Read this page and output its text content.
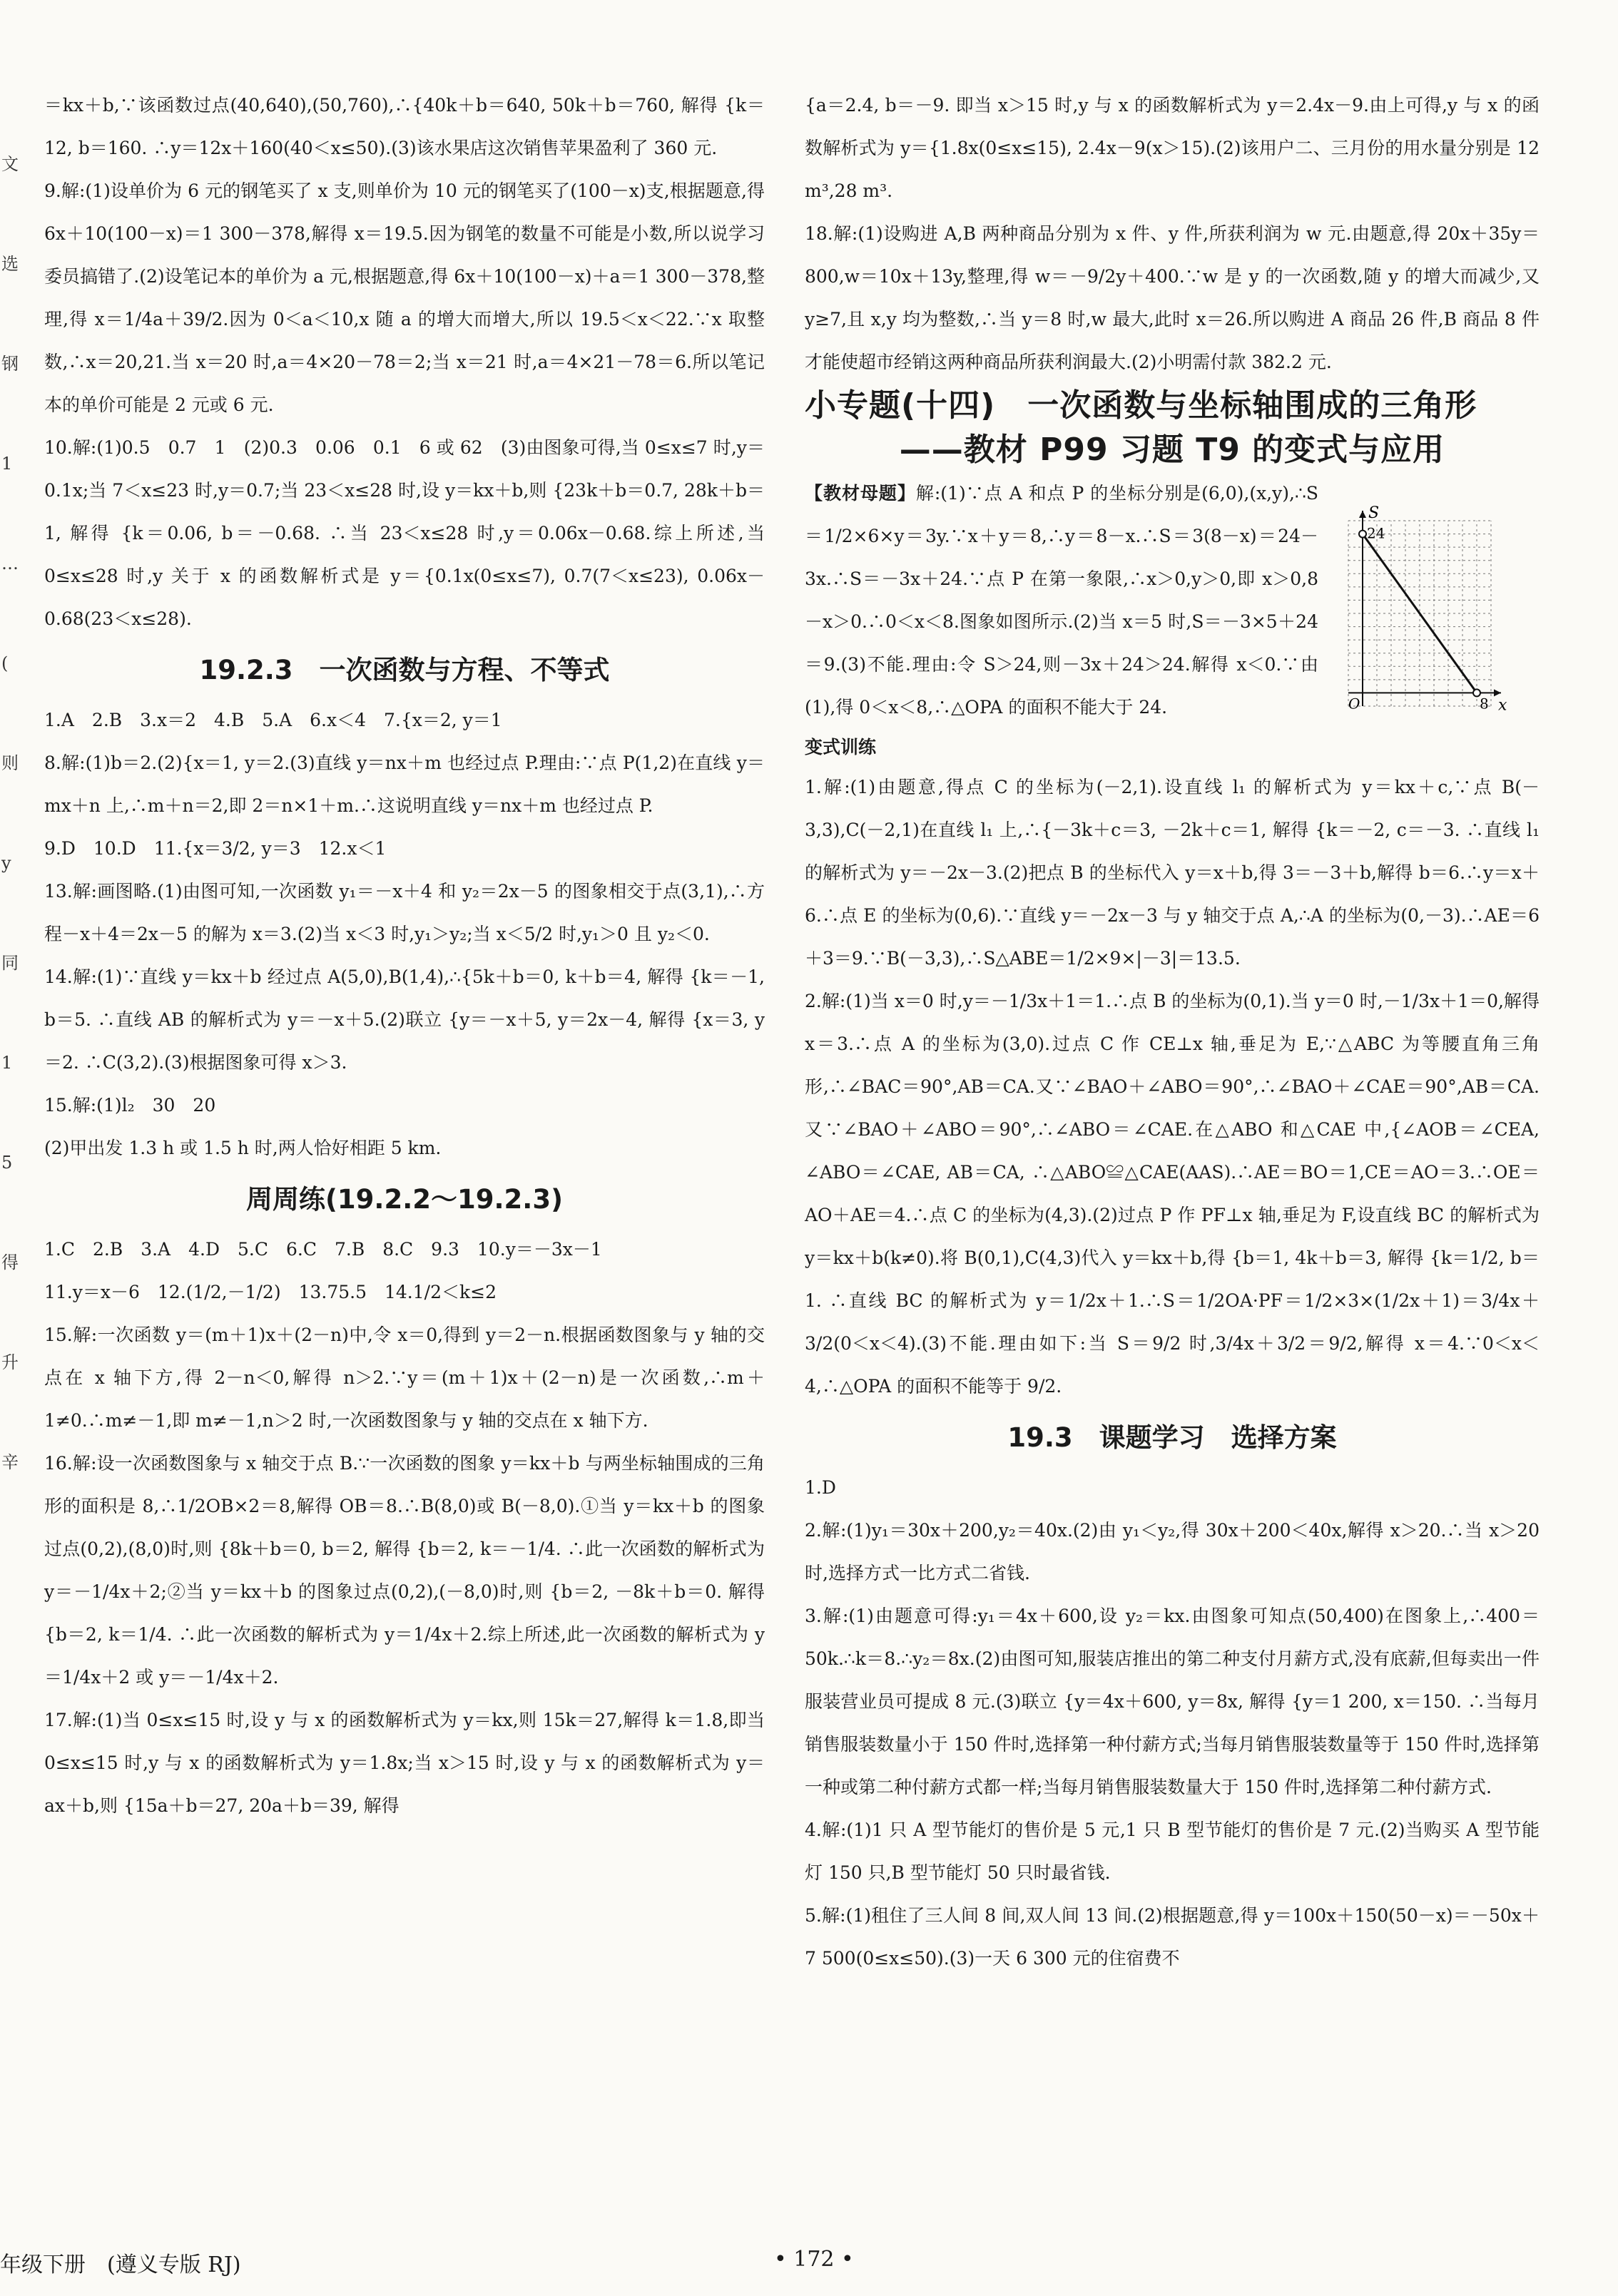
文
选
钢
1
…
(
则
y
同
1
5
得
升
辛

＝kx＋b,∵该函数过点(40,640),(50,760),∴{40k＋b＝640, 50k＋b＝760, 解得 {k＝12, b＝160. ∴y＝12x＋160(40＜x≤50).(3)该水果店这次销售苹果盈利了 360 元.

9.解:(1)设单价为 6 元的钢笔买了 x 支,则单价为 10 元的钢笔买了(100－x)支,根据题意,得 6x＋10(100－x)＝1 300－378,解得 x＝19.5.因为钢笔的数量不可能是小数,所以说学习委员搞错了.(2)设笔记本的单价为 a 元,根据题意,得 6x＋10(100－x)＋a＝1 300－378,整理,得 x＝1/4a＋39/2.因为 0＜a＜10,x 随 a 的增大而增大,所以 19.5＜x＜22.∵x 取整数,∴x＝20,21.当 x＝20 时,a＝4×20－78＝2;当 x＝21 时,a＝4×21－78＝6.所以笔记本的单价可能是 2 元或 6 元.

10.解:(1)0.5　0.7　1　(2)0.3　0.06　0.1　6 或 62　(3)由图象可得,当 0≤x≤7 时,y＝0.1x;当 7＜x≤23 时,y＝0.7;当 23＜x≤28 时,设 y＝kx＋b,则 {23k＋b＝0.7, 28k＋b＝1, 解得 {k＝0.06, b＝－0.68. ∴当 23＜x≤28 时,y＝0.06x－0.68.综上所述,当 0≤x≤28 时,y 关于 x 的函数解析式是 y＝{0.1x(0≤x≤7), 0.7(7＜x≤23), 0.06x－0.68(23＜x≤28).

19.2.3　一次函数与方程、不等式

1.A　2.B　3.x＝2　4.B　5.A　6.x＜4　7.{x＝2, y＝1

8.解:(1)b＝2.(2){x＝1, y＝2.(3)直线 y＝nx＋m 也经过点 P.理由:∵点 P(1,2)在直线 y＝mx＋n 上,∴m＋n＝2,即 2＝n×1＋m.∴这说明直线 y＝nx＋m 也经过点 P.

9.D　10.D　11.{x＝3/2, y＝3　12.x＜1

13.解:画图略.(1)由图可知,一次函数 y₁＝－x＋4 和 y₂＝2x－5 的图象相交于点(3,1),∴方程－x＋4＝2x－5 的解为 x＝3.(2)当 x＜3 时,y₁＞y₂;当 x＜5/2 时,y₁＞0 且 y₂＜0.

14.解:(1)∵直线 y＝kx＋b 经过点 A(5,0),B(1,4),∴{5k＋b＝0, k＋b＝4, 解得 {k＝－1, b＝5. ∴直线 AB 的解析式为 y＝－x＋5.(2)联立 {y＝－x＋5, y＝2x－4, 解得 {x＝3, y＝2. ∴C(3,2).(3)根据图象可得 x＞3.

15.解:(1)l₂　30　20

(2)甲出发 1.3 h 或 1.5 h 时,两人恰好相距 5 km.

周周练(19.2.2～19.2.3)

1.C　2.B　3.A　4.D　5.C　6.C　7.B　8.C　9.3　10.y＝－3x－1

11.y＝x－6　12.(1/2,－1/2)　13.75.5　14.1/2＜k≤2

15.解:一次函数 y＝(m＋1)x＋(2－n)中,令 x＝0,得到 y＝2－n.根据函数图象与 y 轴的交点在 x 轴下方,得 2－n＜0,解得 n＞2.∵y＝(m＋1)x＋(2－n)是一次函数,∴m＋1≠0.∴m≠－1,即 m≠－1,n＞2 时,一次函数图象与 y 轴的交点在 x 轴下方.

16.解:设一次函数图象与 x 轴交于点 B.∵一次函数的图象 y＝kx＋b 与两坐标轴围成的三角形的面积是 8,∴1/2OB×2＝8,解得 OB＝8.∴B(8,0)或 B(－8,0).①当 y＝kx＋b 的图象过点(0,2),(8,0)时,则 {8k＋b＝0, b＝2, 解得 {b＝2, k＝－1/4. ∴此一次函数的解析式为 y＝－1/4x＋2;②当 y＝kx＋b 的图象过点(0,2),(－8,0)时,则 {b＝2, －8k＋b＝0. 解得 {b＝2, k＝1/4. ∴此一次函数的解析式为 y＝1/4x＋2.综上所述,此一次函数的解析式为 y＝1/4x＋2 或 y＝－1/4x＋2.

17.解:(1)当 0≤x≤15 时,设 y 与 x 的函数解析式为 y＝kx,则 15k＝27,解得 k＝1.8,即当 0≤x≤15 时,y 与 x 的函数解析式为 y＝1.8x;当 x＞15 时,设 y 与 x 的函数解析式为 y＝ax＋b,则 {15a＋b＝27, 20a＋b＝39, 解得

{a＝2.4, b＝－9. 即当 x＞15 时,y 与 x 的函数解析式为 y＝2.4x－9.由上可得,y 与 x 的函数解析式为 y＝{1.8x(0≤x≤15), 2.4x－9(x＞15).(2)该用户二、三月份的用水量分别是 12 m³,28 m³.

18.解:(1)设购进 A,B 两种商品分别为 x 件、y 件,所获利润为 w 元.由题意,得 20x＋35y＝800,w＝10x＋13y,整理,得 w＝－9/2y＋400.∵w 是 y 的一次函数,随 y 的增大而减少,又 y≥7,且 x,y 均为整数,∴当 y＝8 时,w 最大,此时 x＝26.所以购进 A 商品 26 件,B 商品 8 件才能使超市经销这两种商品所获利润最大.(2)小明需付款 382.2 元.

小专题(十四)　一次函数与坐标轴围成的三角形
——教材 P99 习题 T9 的变式与应用

【教材母题】解:(1)∵点 A 和点 P 的坐标分别是(6,0),(x,y),∴S＝1/2×6×y＝3y.∵x＋y＝8,∴y＝8－x.∴S＝3(8－x)＝24－3x.∴S＝－3x＋24.∵点 P 在第一象限,∴x＞0,y＞0,即 x＞0,8－x＞0.∴0＜x＜8.图象如图所示.(2)当 x＝5 时,S＝－3×5＋24＝9.(3)不能.理由:令 S＞24,则－3x＋24＞24.解得 x＜0.∵由(1),得 0＜x＜8,∴△OPA 的面积不能大于 24.

变式训练

1.解:(1)由题意,得点 C 的坐标为(－2,1).设直线 l₁ 的解析式为 y＝kx＋c,∵点 B(－3,3),C(－2,1)在直线 l₁ 上,∴{－3k＋c＝3, －2k＋c＝1, 解得 {k＝－2, c＝－3. ∴直线 l₁ 的解析式为 y＝－2x－3.(2)把点 B 的坐标代入 y＝x＋b,得 3＝－3＋b,解得 b＝6.∴y＝x＋6.∴点 E 的坐标为(0,6).∵直线 y＝－2x－3 与 y 轴交于点 A,∴A 的坐标为(0,－3).∴AE＝6＋3＝9.∵B(－3,3),∴S△ABE＝1/2×9×|－3|＝13.5.

2.解:(1)当 x＝0 时,y＝－1/3x＋1＝1.∴点 B 的坐标为(0,1).当 y＝0 时,－1/3x＋1＝0,解得 x＝3.∴点 A 的坐标为(3,0).过点 C 作 CE⊥x 轴,垂足为 E,∵△ABC 为等腰直角三角形,∴∠BAC＝90°,AB＝CA.又∵∠BAO＋∠ABO＝90°,∴∠BAO＋∠CAE＝90°,AB＝CA.又∵∠BAO＋∠ABO＝90°,∴∠ABO＝∠CAE.在△ABO 和△CAE 中,{∠AOB＝∠CEA, ∠ABO＝∠CAE, AB＝CA, ∴△ABO≌△CAE(AAS).∴AE＝BO＝1,CE＝AO＝3.∴OE＝AO＋AE＝4.∴点 C 的坐标为(4,3).(2)过点 P 作 PF⊥x 轴,垂足为 F,设直线 BC 的解析式为 y＝kx＋b(k≠0).将 B(0,1),C(4,3)代入 y＝kx＋b,得 {b＝1, 4k＋b＝3, 解得 {k＝1/2, b＝1. ∴直线 BC 的解析式为 y＝1/2x＋1.∴S＝1/2OA·PF＝1/2×3×(1/2x＋1)＝3/4x＋3/2(0＜x＜4).(3)不能.理由如下:当 S＝9/2 时,3/4x＋3/2＝9/2,解得 x＝4.∵0＜x＜4,∴△OPA 的面积不能等于 9/2.

19.3　课题学习　选择方案

1.D

2.解:(1)y₁＝30x＋200,y₂＝40x.(2)由 y₁＜y₂,得 30x＋200＜40x,解得 x＞20.∴当 x＞20 时,选择方式一比方式二省钱.

3.解:(1)由题意可得:y₁＝4x＋600,设 y₂＝kx.由图象可知点(50,400)在图象上,∴400＝50k.∴k＝8.∴y₂＝8x.(2)由图可知,服装店推出的第二种支付月薪方式,没有底薪,但每卖出一件服装营业员可提成 8 元.(3)联立 {y＝4x＋600, y＝8x, 解得 {y＝1 200, x＝150. ∴当每月销售服装数量小于 150 件时,选择第一种付薪方式;当每月销售服装数量等于 150 件时,选择第一种或第二种付薪方式都一样;当每月销售服装数量大于 150 件时,选择第二种付薪方式.

4.解:(1)1 只 A 型节能灯的售价是 5 元,1 只 B 型节能灯的售价是 7 元.(2)当购买 A 型节能灯 150 只,B 型节能灯 50 只时最省钱.

5.解:(1)租住了三人间 8 间,双人间 13 间.(2)根据题意,得 y＝100x＋150(50－x)＝－50x＋7 500(0≤x≤50).(3)一天 6 300 元的住宿费不

S
x
O
24
8
年级下册　(遵义专版 RJ)	• 172 •
